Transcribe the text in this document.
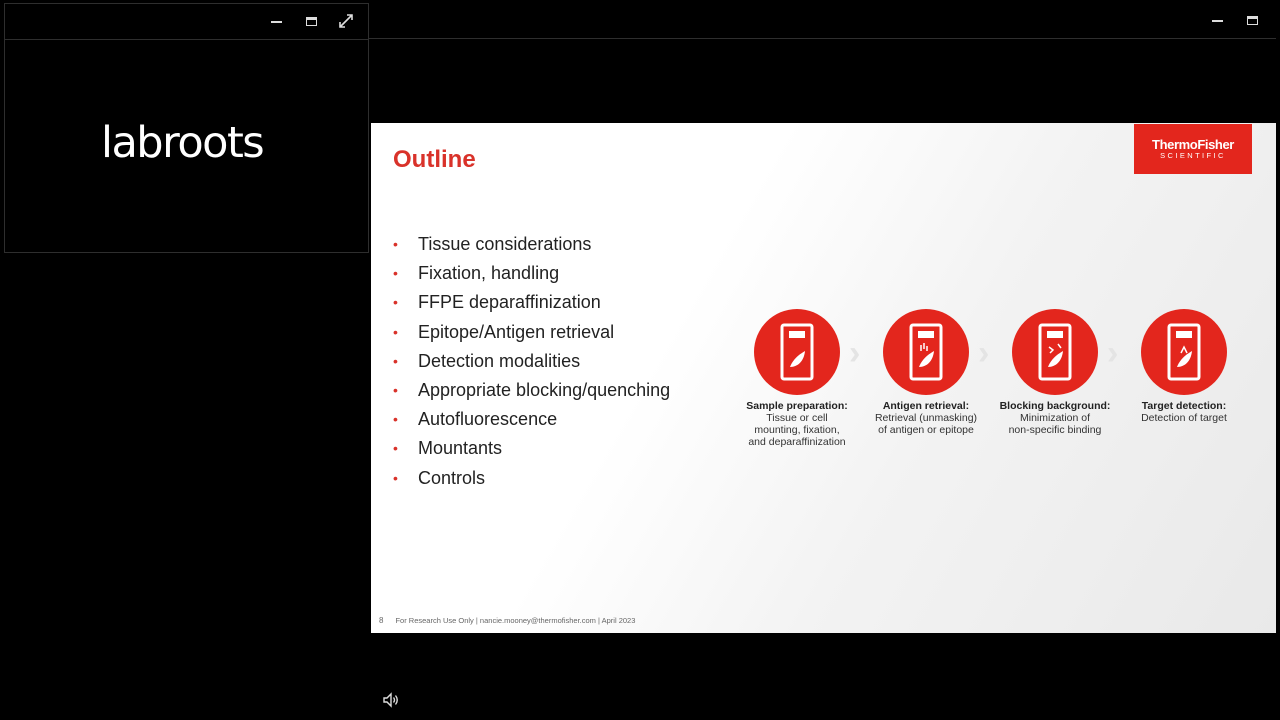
labroots	Outline
ThermoFisher
SCIENTIFIC
• Tissue considerations
• Fixation, handling
• FFPE deparaffinization
• Epitope/Antigen retrieval
• Detection modalities
• Appropriate blocking/quenching
• Autofluorescence
• Mountants
• Controls
Sample preparation:
Tissue or cell
mounting, fixation,
and deparaffinization
›
Antigen retrieval:
Retrieval (unmasking)
of antigen or epitope
›
Blocking background:
Minimization of
non-specific binding
›
Target detection:
Detection of target
8 For Research Use Only | nancie.mooney@thermofisher.com | April 2023
